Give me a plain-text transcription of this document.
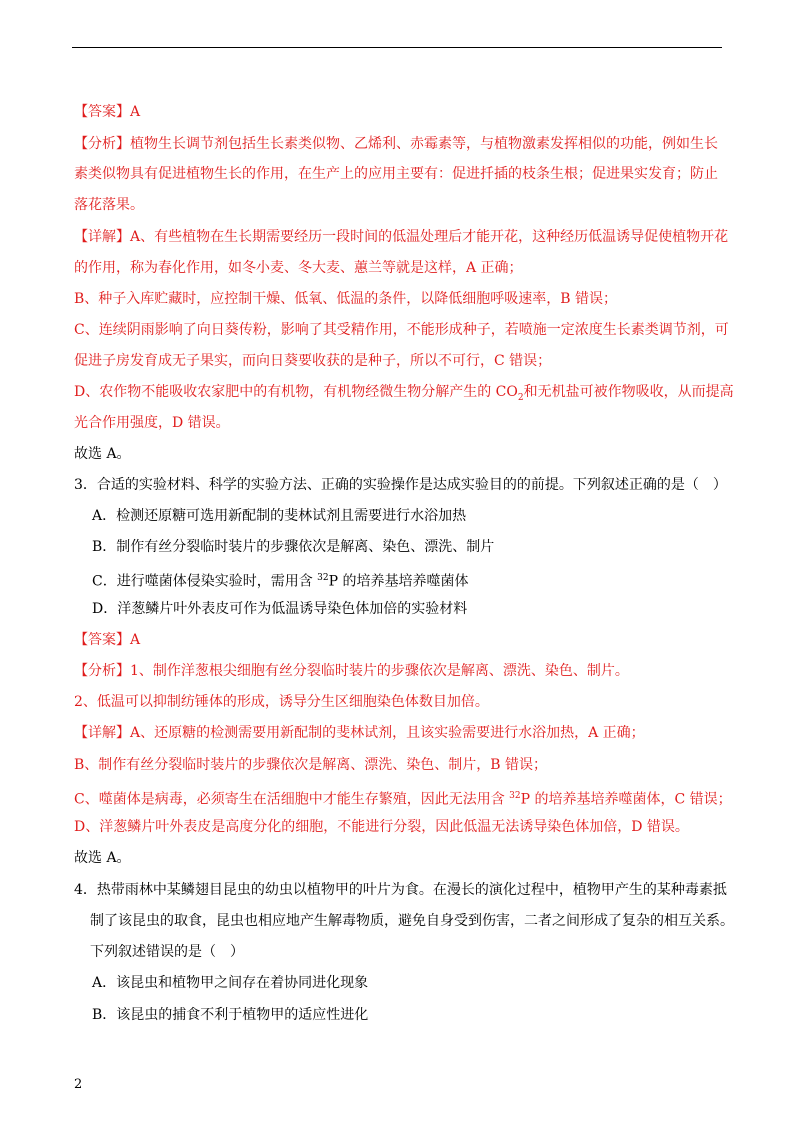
【答案】A
【分析】植物生长调节剂包括生长素类似物、乙烯利、赤霉素等，与植物激素发挥相似的功能，例如生长
素类似物具有促进植物生长的作用，在生产上的应用主要有：促进扦插的枝条生根；促进果实发育；防止
落花落果。
【详解】A、有些植物在生长期需要经历一段时间的低温处理后才能开花，这种经历低温诱导促使植物开花
的作用，称为春化作用，如冬小麦、冬大麦、蕙兰等就是这样，A 正确；
B、种子入库贮藏时，应控制干燥、低氧、低温的条件，以降低细胞呼吸速率，B 错误；
C、连续阴雨影响了向日葵传粉，影响了其受精作用，不能形成种子，若喷施一定浓度生长素类调节剂，可
促进子房发育成无子果实，而向日葵要收获的是种子，所以不可行，C 错误；
D、农作物不能吸收农家肥中的有机物，有机物经微生物分解产生的 $CO_2$和无机盐可被作物吸收，从而提高
光合作用强度，D 错误。
故选 A。
3．合适的实验材料、科学的实验方法、正确的实验操作是达成实验目的的前提。下列叙述正确的是（　）
A．检测还原糖可选用新配制的斐林试剂且需要进行水浴加热
B．制作有丝分裂临时装片的步骤依次是解离、染色、漂洗、制片
C．进行噬菌体侵染实验时，需用含 $^{32}$P 的培养基培养噬菌体
D．洋葱鳞片叶外表皮可作为低温诱导染色体加倍的实验材料
【答案】A
【分析】1、制作洋葱根尖细胞有丝分裂临时装片的步骤依次是解离、漂洗、染色、制片。
2、低温可以抑制纺锤体的形成，诱导分生区细胞染色体数目加倍。
【详解】A、还原糖的检测需要用新配制的斐林试剂，且该实验需要进行水浴加热，A 正确；
B、制作有丝分裂临时装片的步骤依次是解离、漂洗、染色、制片，B 错误；
C、噬菌体是病毒，必须寄生在活细胞中才能生存繁殖，因此无法用含 $^{32}$P 的培养基培养噬菌体，C 错误；
D、洋葱鳞片叶外表皮是高度分化的细胞，不能进行分裂，因此低温无法诱导染色体加倍，D 错误。
故选 A。
4．热带雨林中某鳞翅目昆虫的幼虫以植物甲的叶片为食。在漫长的演化过程中，植物甲产生的某种毒素抵
制了该昆虫的取食，昆虫也相应地产生解毒物质，避免自身受到伤害，二者之间形成了复杂的相互关系。
下列叙述错误的是（　）
A．该昆虫和植物甲之间存在着协同进化现象
B．该昆虫的捕食不利于植物甲的适应性进化
2
